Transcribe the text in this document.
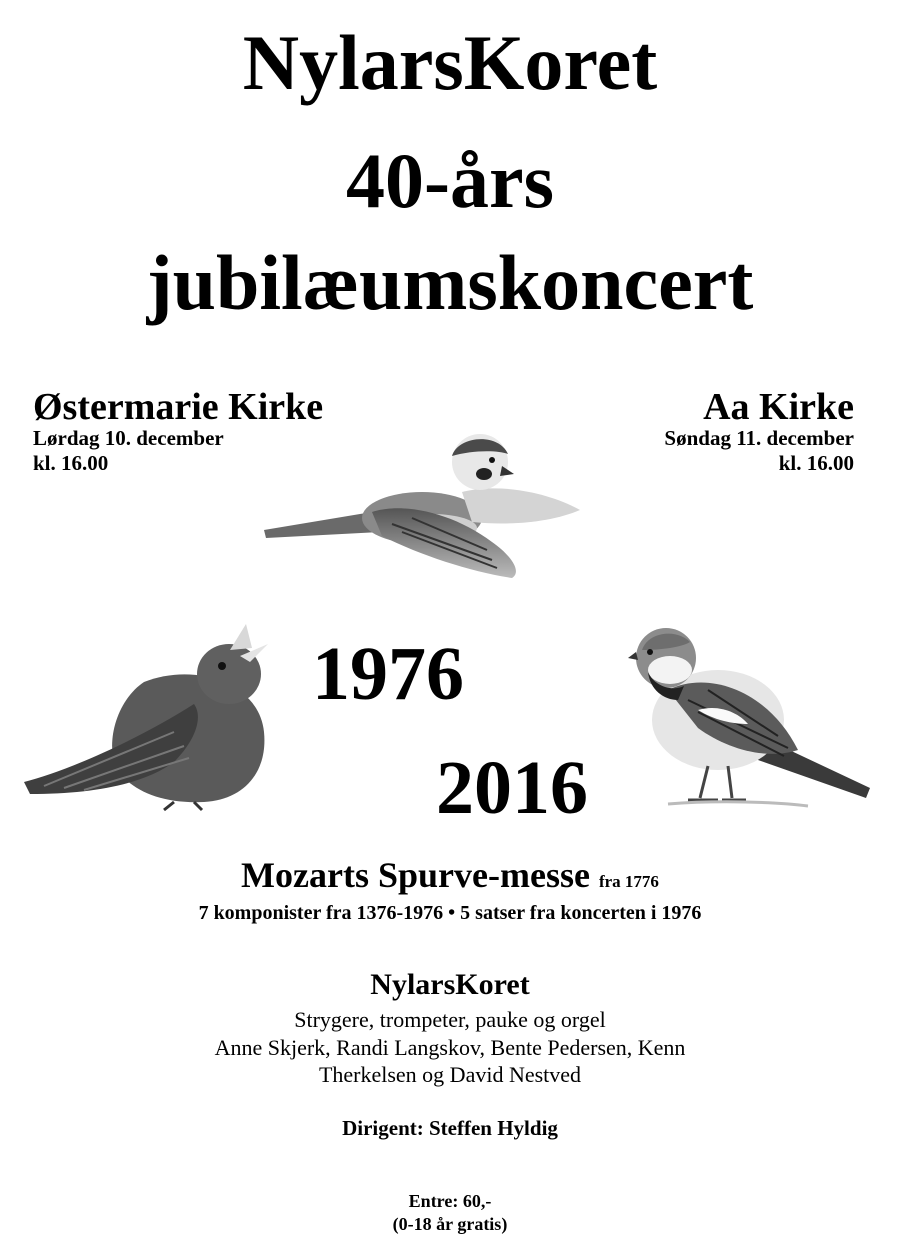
NylarsKoret
40-års
jubilæumskoncert
Østermarie Kirke
Lørdag 10. december
kl. 16.00
Aa Kirke
Søndag 11. december
kl. 16.00
1976
2016
Mozarts Spurve-messe fra 1776
7 komponister fra 1376-1976 • 5 satser fra koncerten i 1976
NylarsKoret
Strygere, trompeter, pauke og orgel
Anne Skjerk, Randi Langskov, Bente Pedersen, Kenn
Therkelsen og David Nestved
Dirigent: Steffen Hyldig
Entre: 60,-
(0-18 år gratis)
